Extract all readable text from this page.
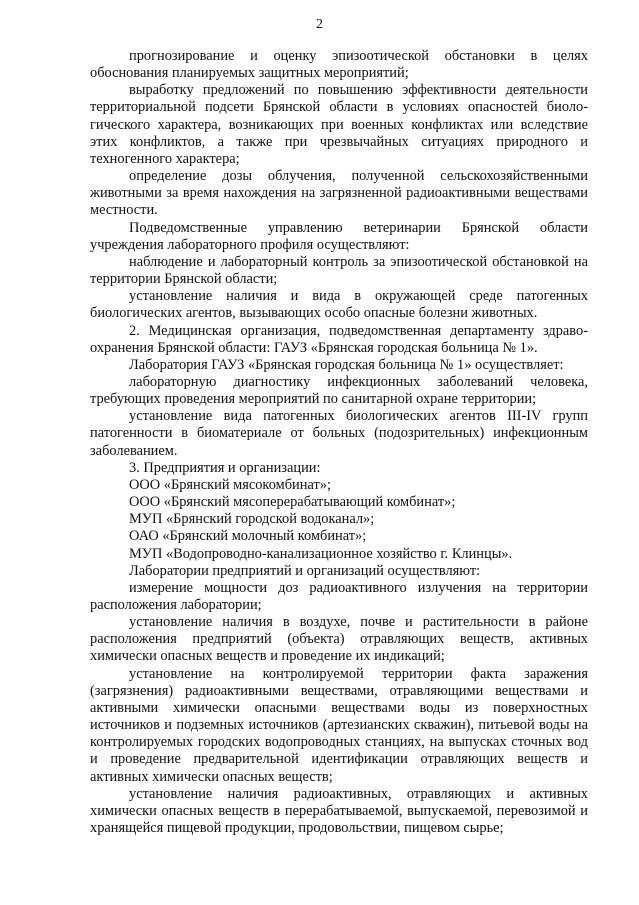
2

прогнозирование и оценку эпизоотической обстановки в целях обоснования планируемых защитных мероприятий;

выработку предложений по повышению эффективности деятельности территориальной подсети Брянской области в условиях опасностей биоло-гического характера, возникающих при военных конфликтах или вследствие этих конфликтов, а также при чрезвычайных ситуациях природного и техногенного характера;

определение дозы облучения, полученной сельскохозяйственными животными за время нахождения на загрязненной радиоактивными веществами местности.

Подведомственные управлению ветеринарии Брянской области учреждения лабораторного профиля осуществляют:

наблюдение и лабораторный контроль за эпизоотической обстановкой на территории Брянской области;

установление наличия и вида в окружающей среде патогенных биологических агентов, вызывающих особо опасные болезни животных.

2. Медицинская организация, подведомственная департаменту здраво-охранения Брянской области: ГАУЗ «Брянская городская больница № 1».

Лаборатория ГАУЗ «Брянская городская больница № 1» осуществляет:

лабораторную диагностику инфекционных заболеваний человека, требующих проведения мероприятий по санитарной охране территории;

установление вида патогенных биологических агентов III-IV групп патогенности в биоматериале от больных (подозрительных) инфекционным заболеванием.

3. Предприятия и организации:

ООО «Брянский мясокомбинат»;

ООО «Брянский мясоперерабатывающий комбинат»;

МУП «Брянский городской водоканал»;

ОАО «Брянский молочный комбинат»;

МУП «Водопроводно-канализационное хозяйство г. Клинцы».

Лаборатории предприятий и организаций осуществляют:

измерение мощности доз радиоактивного излучения на территории расположения лаборатории;

установление наличия в воздухе, почве и растительности в районе расположения предприятий (объекта) отравляющих веществ, активных химически опасных веществ и проведение их индикаций;

установление на контролируемой территории факта заражения (загрязнения) радиоактивными веществами, отравляющими веществами и активными химически опасными веществами воды из поверхностных источников и подземных источников (артезианских скважин), питьевой воды на контролируемых городских водопроводных станциях, на выпусках сточных вод и проведение предварительной идентификации отравляющих веществ и активных химически опасных веществ;

установление наличия радиоактивных, отравляющих и активных химически опасных веществ в перерабатываемой, выпускаемой, перевозимой и хранящейся пищевой продукции, продовольствии, пищевом сырье;
